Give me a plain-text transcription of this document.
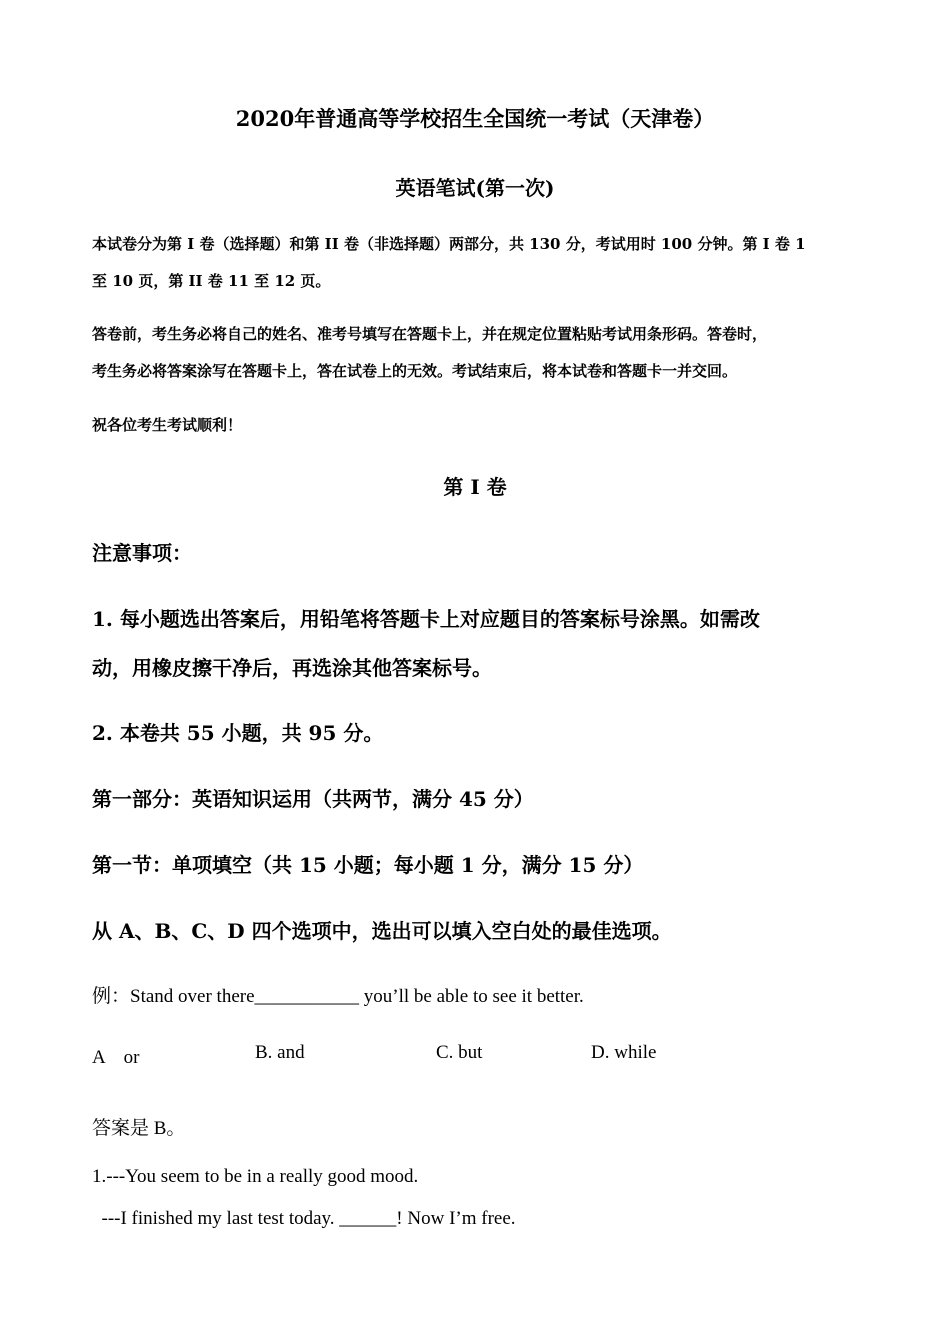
2020年普通高等学校招生全国统一考试（天津卷）
英语笔试(第一次)
本试卷分为第 I 卷（选择题）和第 II 卷（非选择题）两部分，共 130 分，考试用时 100 分钟。第 I 卷 1
至 10 页，第 II 卷 11 至 12 页。
答卷前，考生务必将自己的姓名、准考号填写在答题卡上，并在规定位置粘贴考试用条形码。答卷时，
考生务必将答案涂写在答题卡上，答在试卷上的无效。考试结束后，将本试卷和答题卡一并交回。
祝各位考生考试顺利！
第 I 卷
注意事项：
1. 每小题选出答案后，用铅笔将答题卡上对应题目的答案标号涂黑。如需改
动，用橡皮擦干净后，再选涂其他答案标号。
2. 本卷共 55 小题，共 95 分。
第一部分：英语知识运用（共两节，满分 45 分）
第一节：单项填空（共 15 小题；每小题 1 分，满分 15 分）
从 A、B、C、D 四个选项中，选出可以填入空白处的最佳选项。
例：Stand over there___________ you’ll be able to see it better.
A　or	B. and	C. but	D. while
答案是 B。
1.---You seem to be in a really good mood.
---I finished my last test today. ______! Now I’m free.
